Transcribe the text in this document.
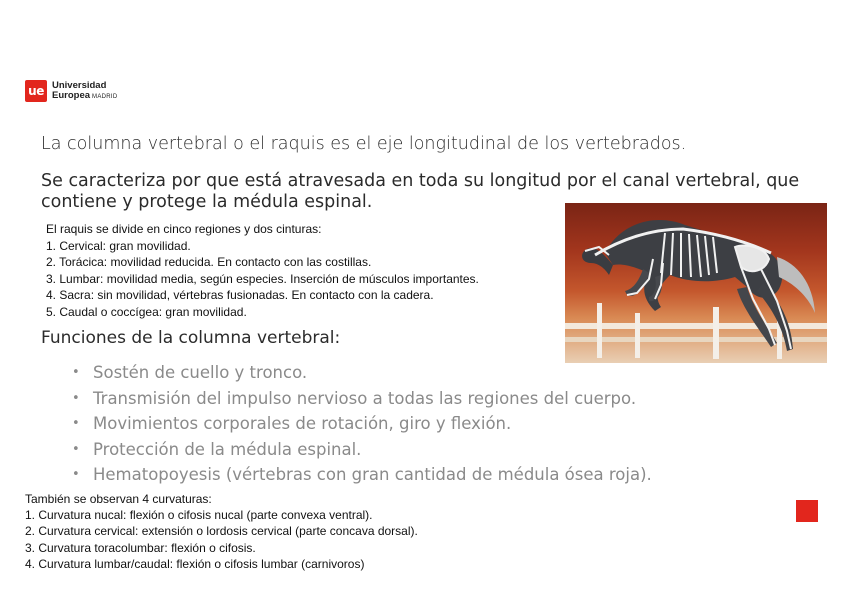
ue Universidad
Europea MADRID
La columna vertebral o el raquis es el eje longitudinal de los vertebrados.
Se caracteriza por que está atravesada en toda su longitud por el canal vertebral, que contiene y protege la médula espinal.
El raquis se divide en cinco regiones y dos cinturas:
1. Cervical: gran movilidad.
2. Torácica: movilidad reducida. En contacto con las costillas.
3. Lumbar: movilidad media, según especies. Inserción de músculos importantes.
4. Sacra: sin movilidad, vértebras fusionadas. En contacto con la cadera.
5. Caudal o coccígea: gran movilidad.
Funciones de la columna vertebral:
• Sostén de cuello y tronco.
• Transmisión del impulso nervioso a todas las regiones del cuerpo.
• Movimientos corporales de rotación, giro y flexión.
• Protección de la médula espinal.
• Hematopoyesis (vértebras con gran cantidad de médula ósea roja).
También se observan 4 curvaturas:
1. Curvatura nucal: flexión o cifosis nucal (parte convexa ventral).
2. Curvatura cervical: extensión o lordosis cervical (parte concava dorsal).
3. Curvatura toracolumbar: flexión o cifosis.
4. Curvatura lumbar/caudal: flexión o cifosis lumbar (carnivoros)
